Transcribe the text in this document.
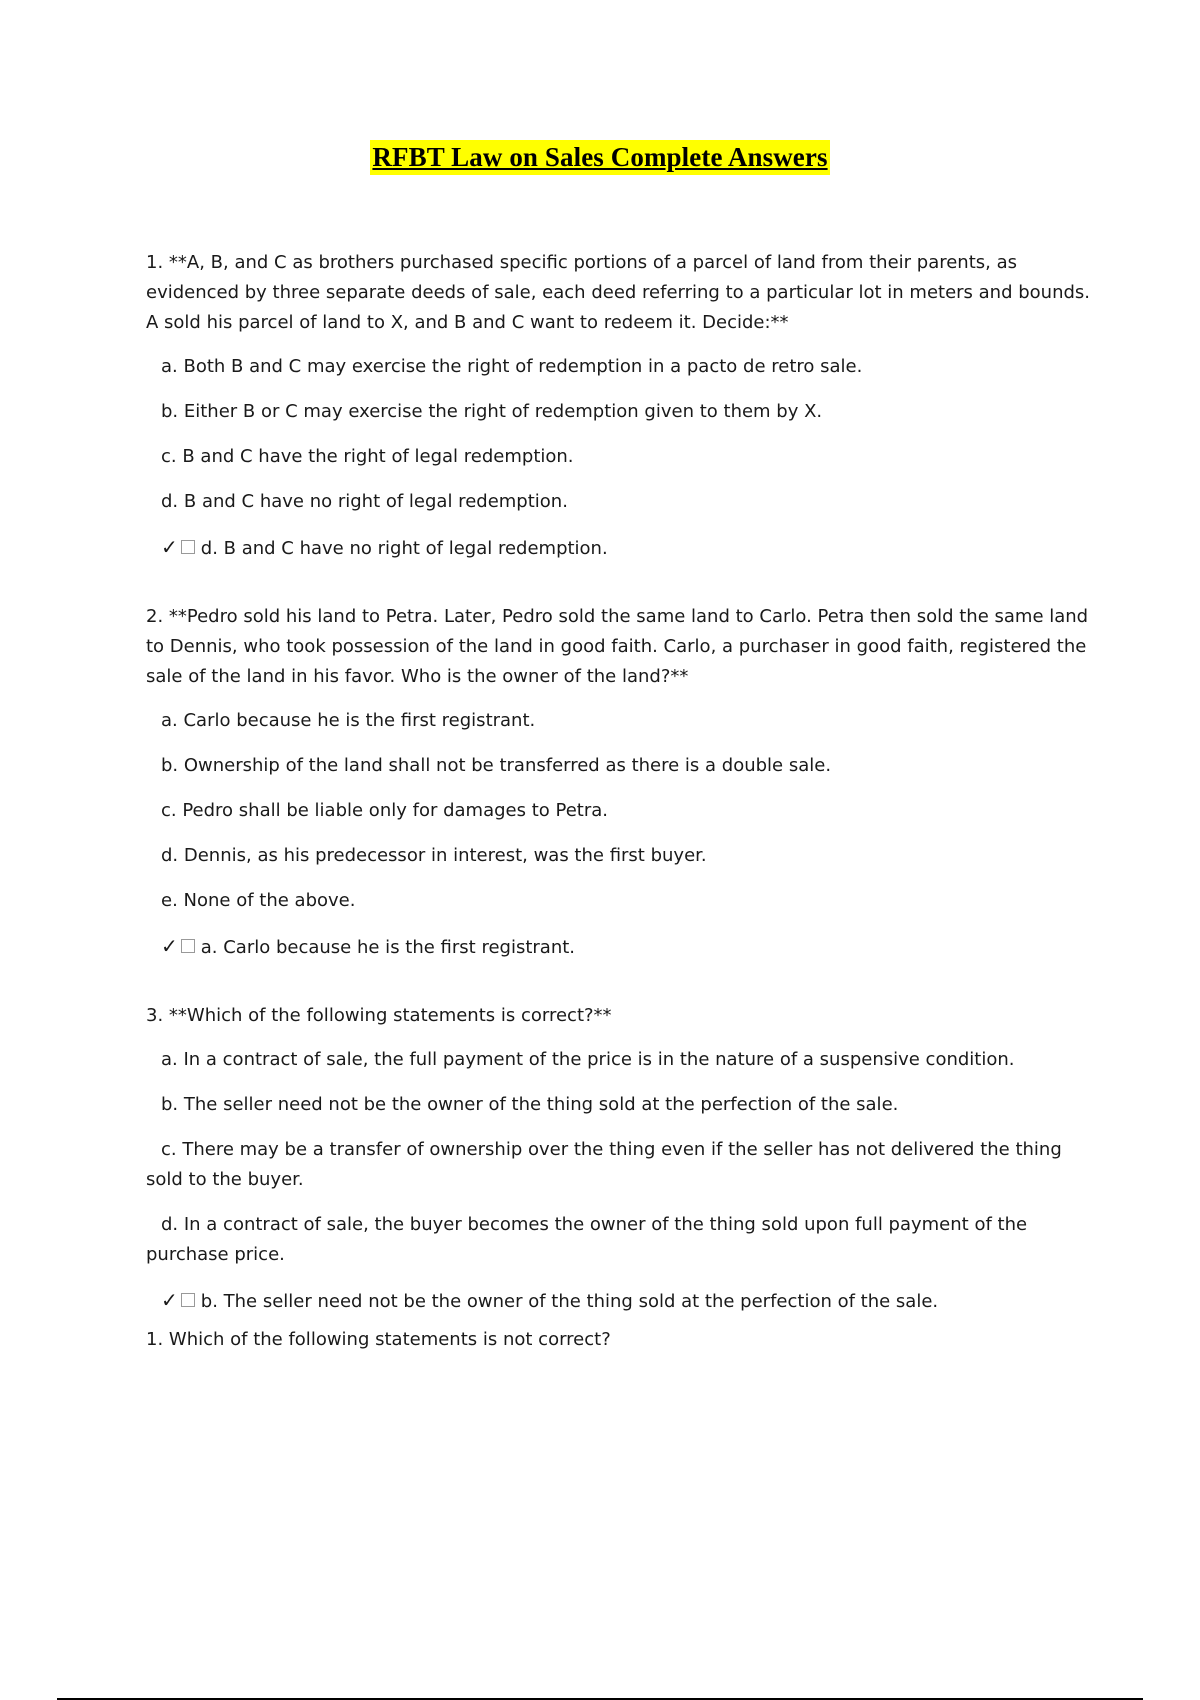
RFBT Law on Sales Complete Answers

1. **A, B, and C as brothers purchased specific portions of a parcel of land from their parents, as evidenced by three separate deeds of sale, each deed referring to a particular lot in meters and bounds. A sold his parcel of land to X, and B and C want to redeem it. Decide:**

a. Both B and C may exercise the right of redemption in a pacto de retro sale.

b. Either B or C may exercise the right of redemption given to them by X.

c. B and C have the right of legal redemption.

d. B and C have no right of legal redemption.

✓ d. B and C have no right of legal redemption.

2. **Pedro sold his land to Petra. Later, Pedro sold the same land to Carlo. Petra then sold the same land to Dennis, who took possession of the land in good faith. Carlo, a purchaser in good faith, registered the sale of the land in his favor. Who is the owner of the land?**

a. Carlo because he is the first registrant.

b. Ownership of the land shall not be transferred as there is a double sale.

c. Pedro shall be liable only for damages to Petra.

d. Dennis, as his predecessor in interest, was the first buyer.

e. None of the above.

✓ a. Carlo because he is the first registrant.

3. **Which of the following statements is correct?**

a. In a contract of sale, the full payment of the price is in the nature of a suspensive condition.

b. The seller need not be the owner of the thing sold at the perfection of the sale.

c. There may be a transfer of ownership over the thing even if the seller has not delivered the thing sold to the buyer.

d. In a contract of sale, the buyer becomes the owner of the thing sold upon full payment of the purchase price.

✓ b. The seller need not be the owner of the thing sold at the perfection of the sale.

1. Which of the following statements is not correct?
